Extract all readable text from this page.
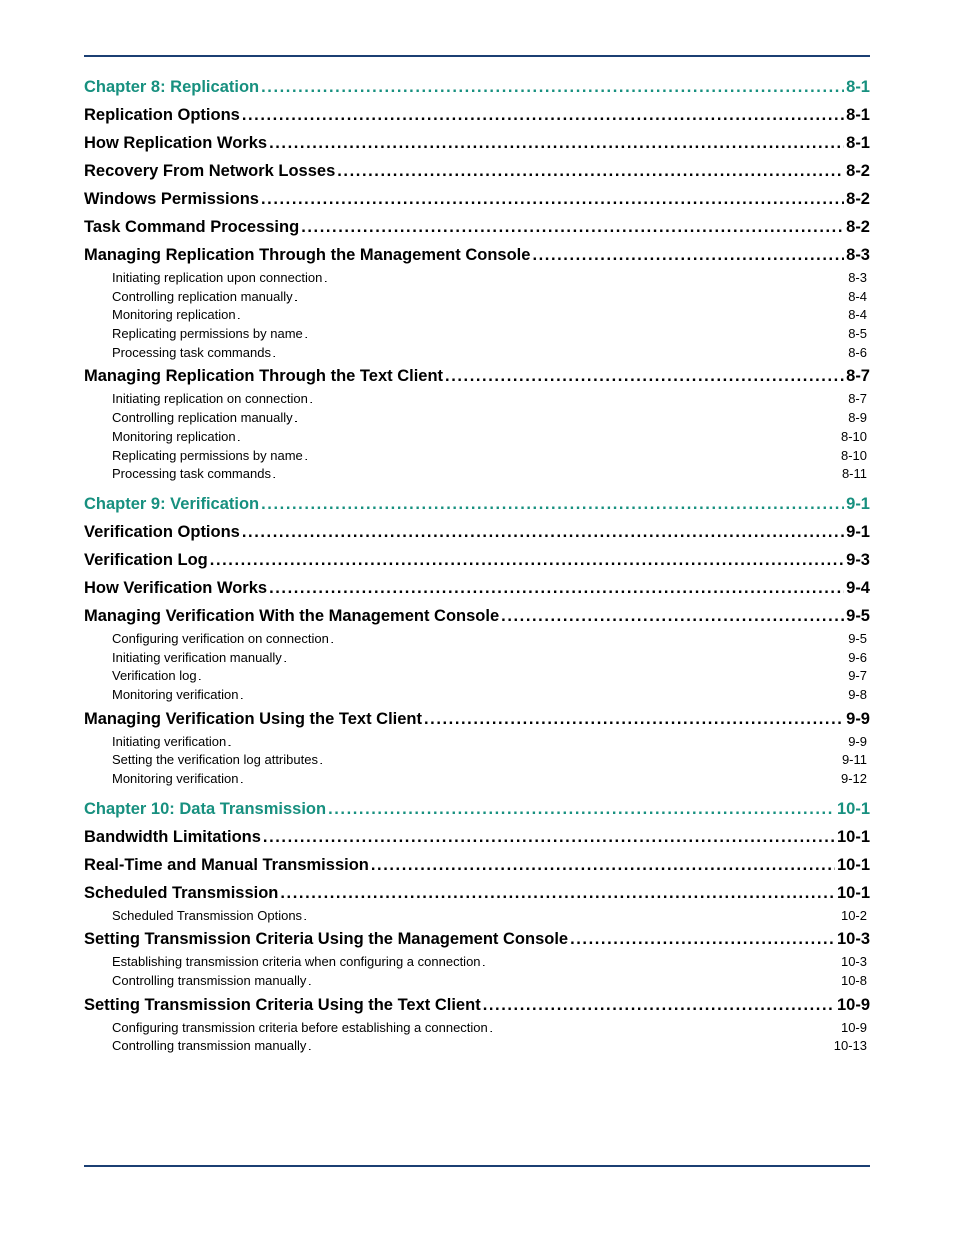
Chapter 8: Replication . . .	8-1
Replication Options . . .	8-1
How Replication Works . . .	8-1
Recovery From Network Losses . . .	8-2
Windows Permissions . . .	8-2
Task Command Processing . . .	8-2
Managing Replication Through the Management Console . . .	8-3
Initiating replication upon connection . . .	8-3
Controlling replication manually . . .	8-4
Monitoring replication . . .	8-4
Replicating permissions by name . . .	8-5
Processing task commands . . .	8-6
Managing Replication Through the Text Client . . .	8-7
Initiating replication on connection . . .	8-7
Controlling replication manually . . .	8-9
Monitoring replication . . .	8-10
Replicating permissions by name . . .	8-10
Processing task commands . . .	8-11
Chapter 9: Verification . . .	9-1
Verification Options . . .	9-1
Verification Log . . .	9-3
How Verification Works . . .	9-4
Managing Verification With the Management Console . . .	9-5
Configuring verification on connection . . .	9-5
Initiating verification manually . . .	9-6
Verification log . . .	9-7
Monitoring verification . . .	9-8
Managing Verification Using the Text Client . . .	9-9
Initiating verification . . .	9-9
Setting the verification log attributes . . .	9-11
Monitoring verification . . .	9-12
Chapter 10: Data Transmission . . .	10-1
Bandwidth Limitations . . .	10-1
Real-Time and Manual Transmission . . .	10-1
Scheduled Transmission . . .	10-1
Scheduled Transmission Options . . .	10-2
Setting Transmission Criteria Using the Management Console . . .	10-3
Establishing transmission criteria when configuring a connection . . .	10-3
Controlling transmission manually . . .	10-8
Setting Transmission Criteria Using the Text Client . . .	10-9
Configuring transmission criteria before establishing a connection . . .	10-9
Controlling transmission manually . . .	10-13
